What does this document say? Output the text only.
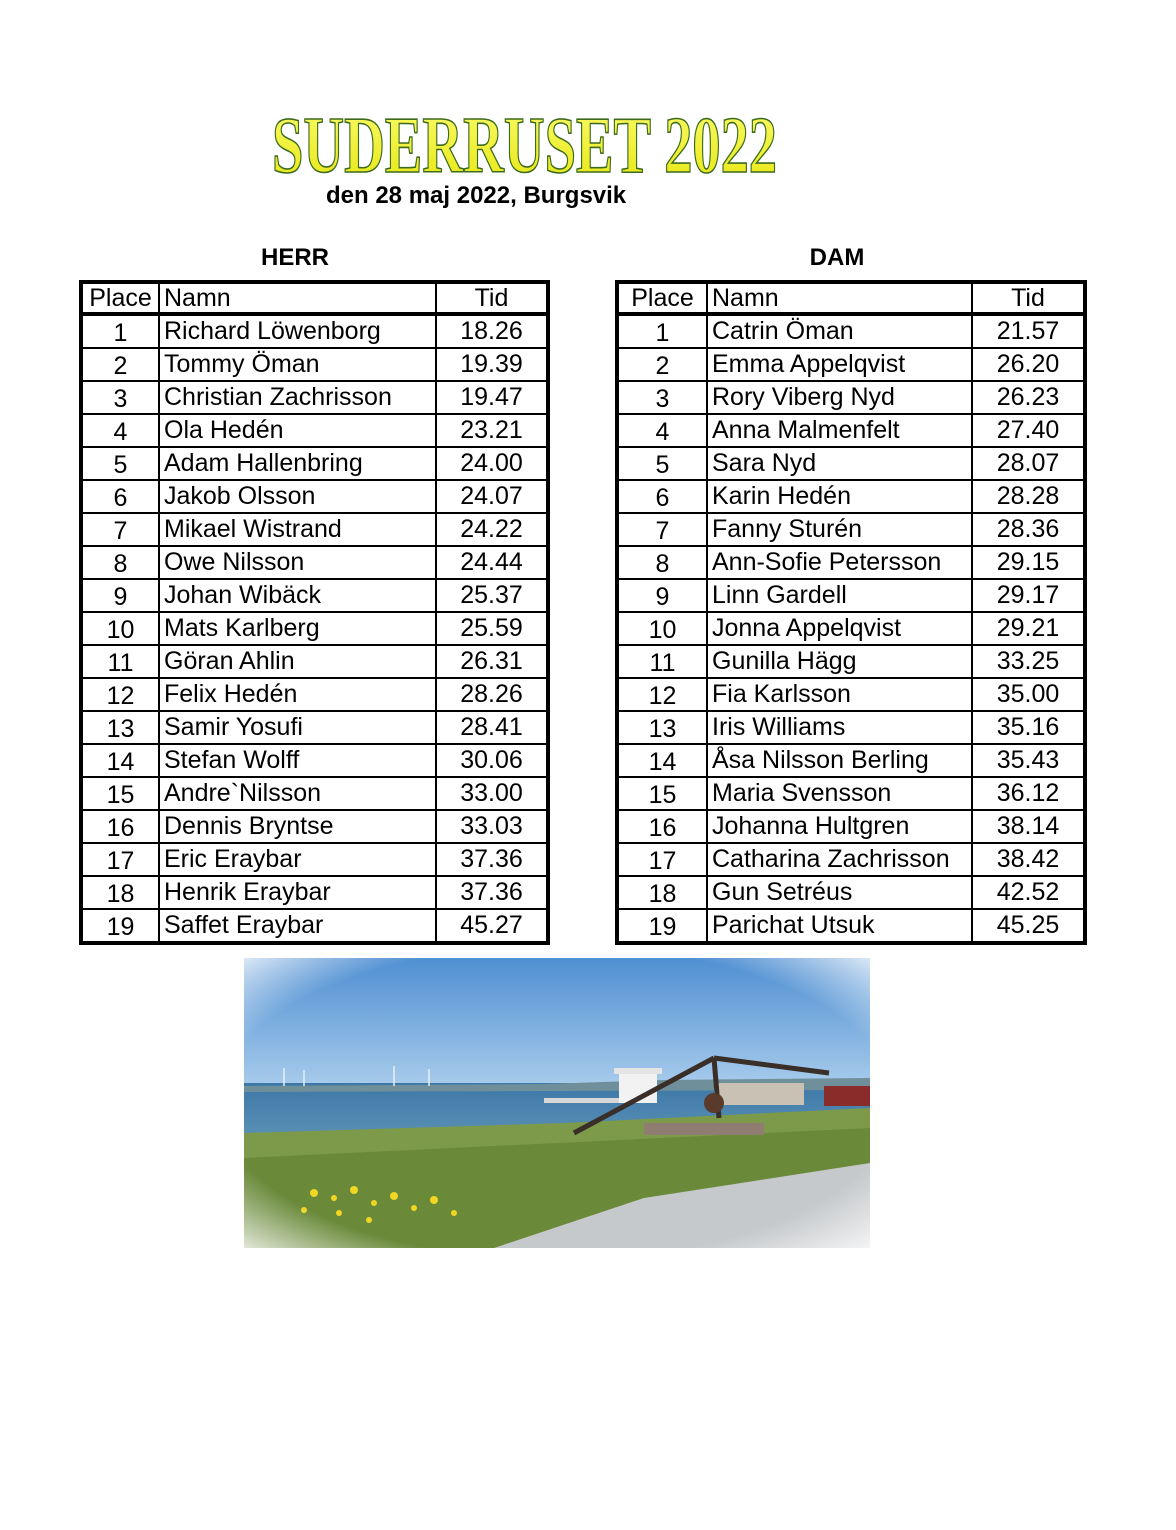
SUDERRUSET 2022
den 28 maj 2022, Burgsvik
HERR	DAM
Place	Namn	Tid
1	Richard Löwenborg	18.26
2	Tommy Öman	19.39
3	Christian Zachrisson	19.47
4	Ola Hedén	23.21
5	Adam Hallenbring	24.00
6	Jakob Olsson	24.07
7	Mikael Wistrand	24.22
8	Owe Nilsson	24.44
9	Johan Wibäck	25.37
10	Mats Karlberg	25.59
11	Göran Ahlin	26.31
12	Felix Hedén	28.26
13	Samir Yosufi	28.41
14	Stefan Wolff	30.06
15	Andre`Nilsson	33.00
16	Dennis Bryntse	33.03
17	Eric Eraybar	37.36
18	Henrik Eraybar	37.36
19	Saffet Eraybar	45.27
Place	Namn	Tid
1	Catrin Öman	21.57
2	Emma Appelqvist	26.20
3	Rory Viberg Nyd	26.23
4	Anna Malmenfelt	27.40
5	Sara Nyd	28.07
6	Karin Hedén	28.28
7	Fanny Sturén	28.36
8	Ann-Sofie Petersson	29.15
9	Linn Gardell	29.17
10	Jonna Appelqvist	29.21
11	Gunilla Hägg	33.25
12	Fia Karlsson	35.00
13	Iris Williams	35.16
14	Åsa Nilsson Berling	35.43
15	Maria Svensson	36.12
16	Johanna Hultgren	38.14
17	Catharina Zachrisson	38.42
18	Gun Setréus	42.52
19	Parichat Utsuk	45.25
